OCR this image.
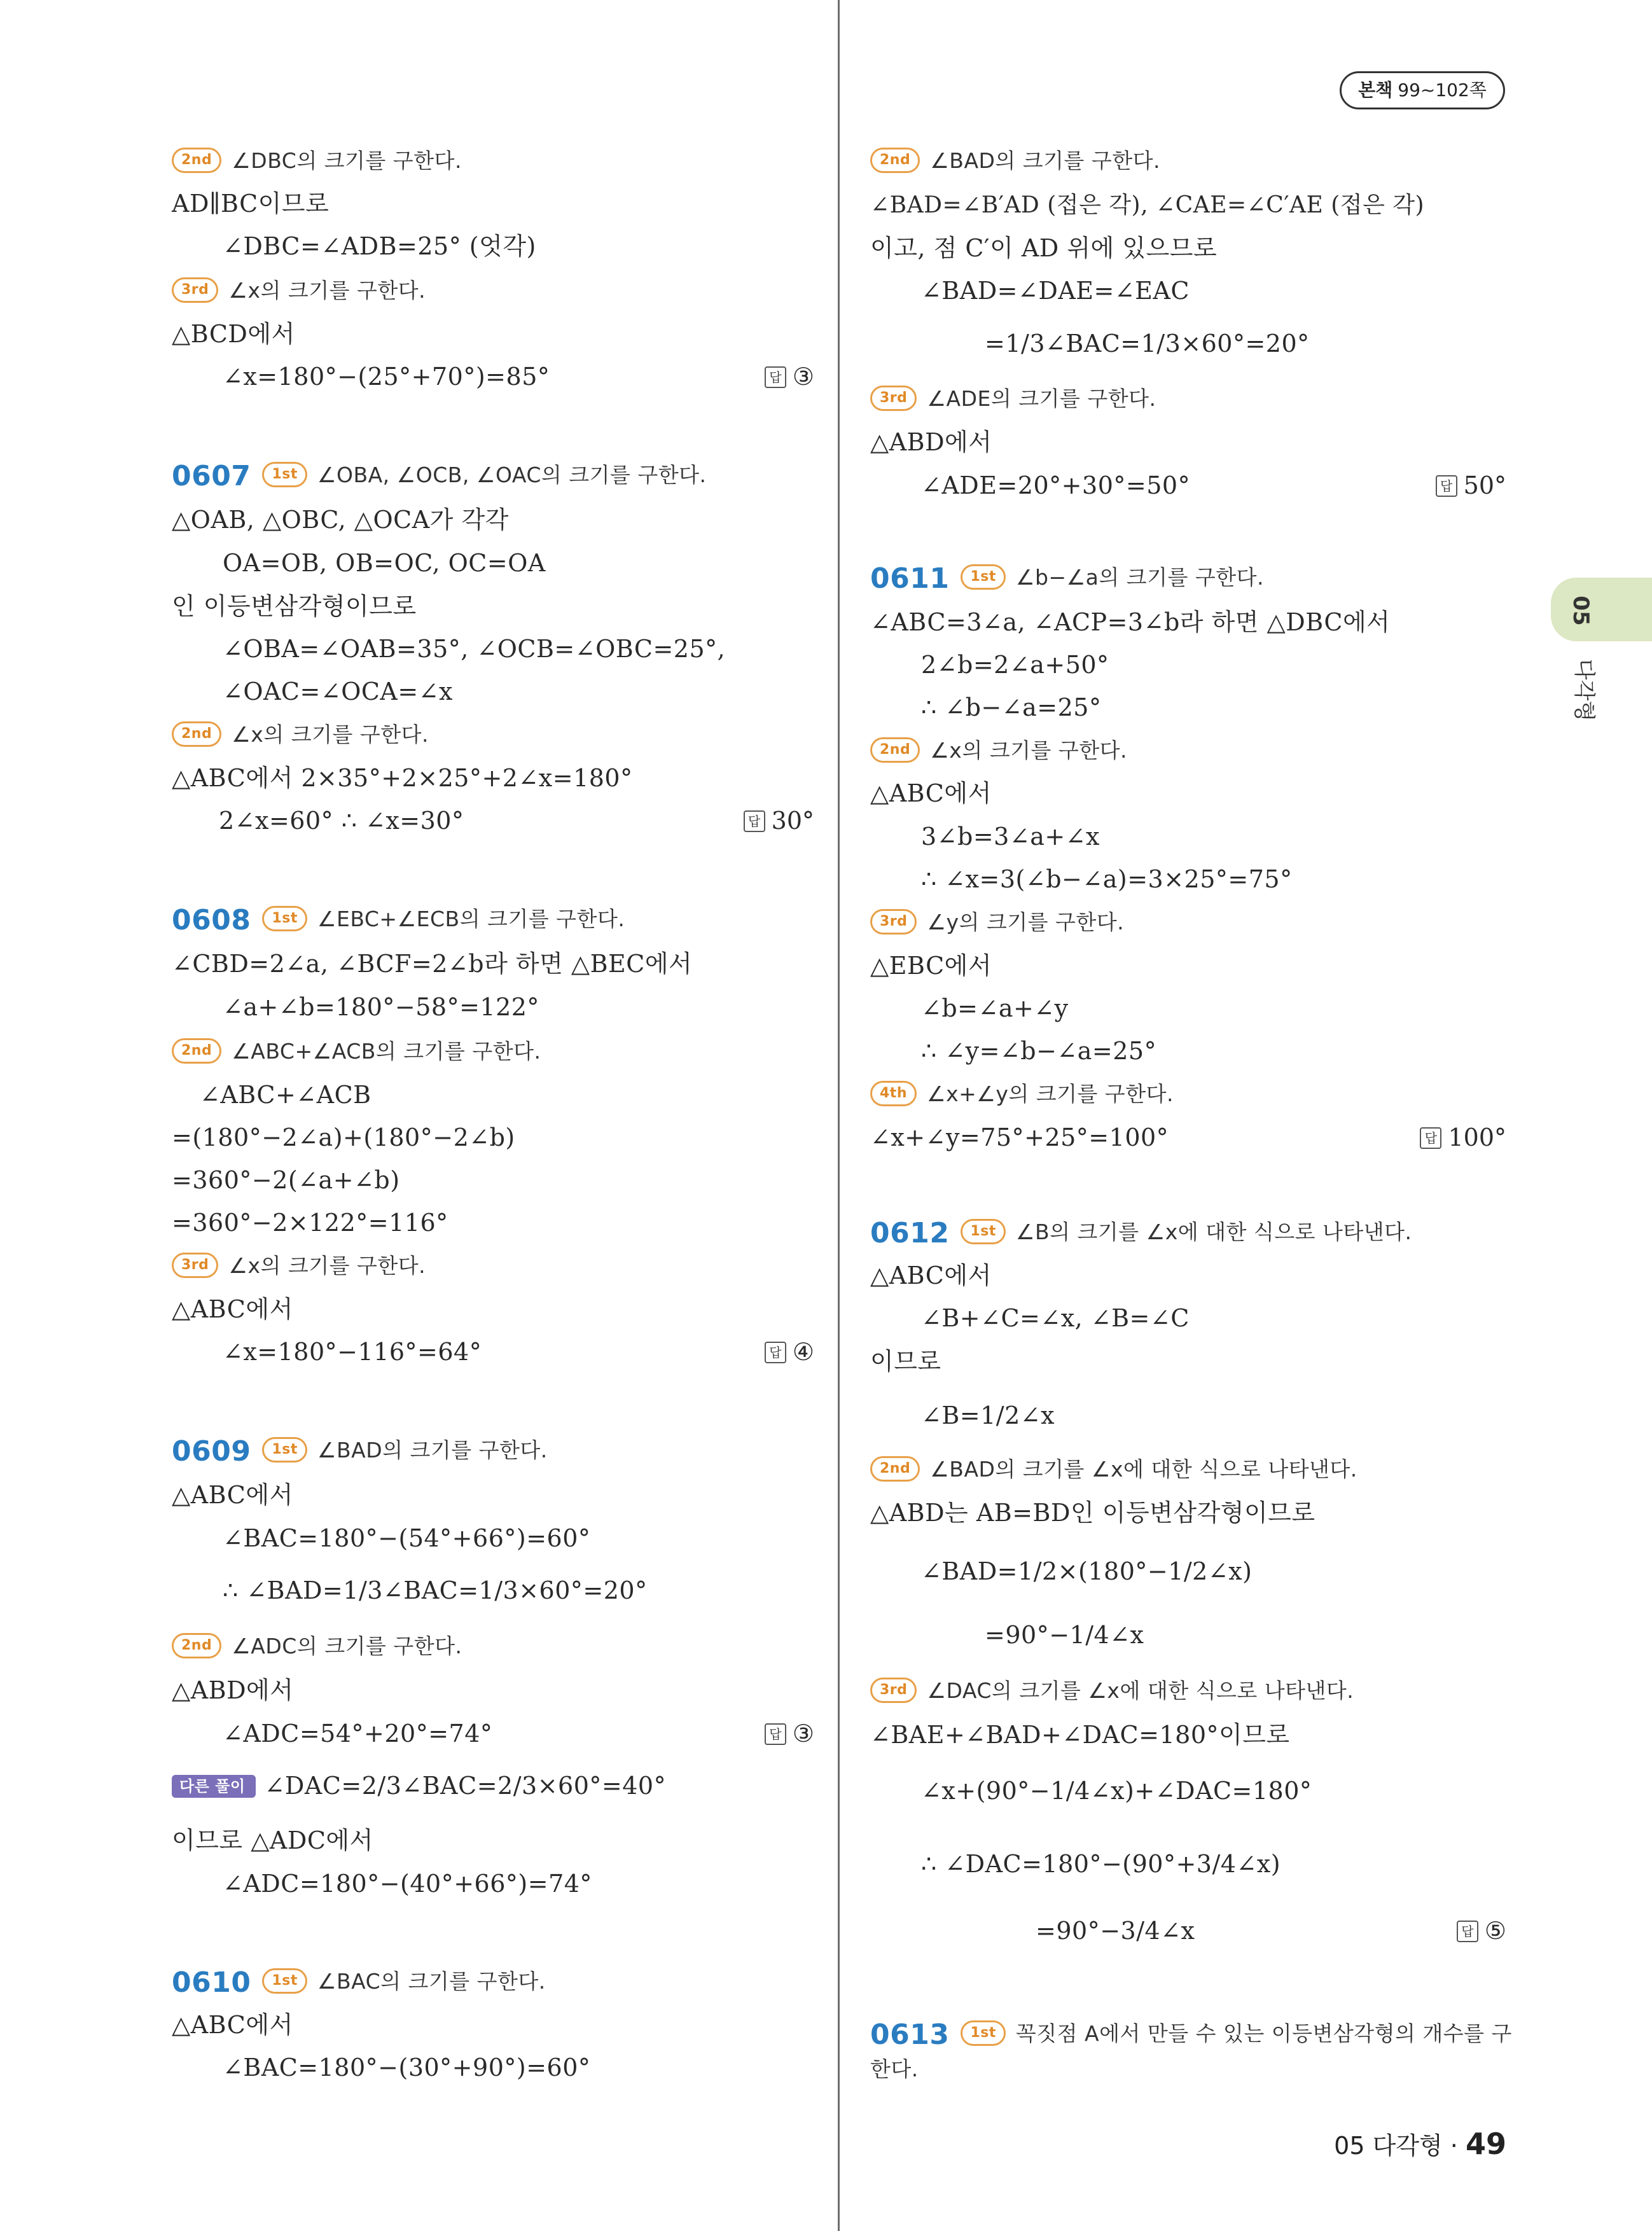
본책 99~102쪽
05
다각형
2nd ∠DBC의 크기를 구한다.
AD∥BC이므로
∠DBC=∠ADB=25° (엇각)
3rd ∠x의 크기를 구한다.
△BCD에서
∠x=180°−(25°+70°)=85°	답 ③
0607 1st ∠OBA, ∠OCB, ∠OAC의 크기를 구한다.
△OAB, △OBC, △OCA가 각각
OA=OB, OB=OC, OC=OA
인 이등변삼각형이므로
∠OBA=∠OAB=35°, ∠OCB=∠OBC=25°,
∠OAC=∠OCA=∠x
2nd ∠x의 크기를 구한다.
△ABC에서 2×35°+2×25°+2∠x=180°
2∠x=60° ∴ ∠x=30°	답 30°
0608 1st ∠EBC+∠ECB의 크기를 구한다.
∠CBD=2∠a, ∠BCF=2∠b라 하면 △BEC에서
∠a+∠b=180°−58°=122°
2nd ∠ABC+∠ACB의 크기를 구한다.
∠ABC+∠ACB
=(180°−2∠a)+(180°−2∠b)
=360°−2(∠a+∠b)
=360°−2×122°=116°
3rd ∠x의 크기를 구한다.
△ABC에서
∠x=180°−116°=64°	답 ④
0609 1st ∠BAD의 크기를 구한다.
△ABC에서
∠BAC=180°−(54°+66°)=60°
∴ ∠BAD=1/3∠BAC=1/3×60°=20°
2nd ∠ADC의 크기를 구한다.
△ABD에서
∠ADC=54°+20°=74°	답 ③
다른 풀이 ∠DAC=2/3∠BAC=2/3×60°=40°
이므로 △ADC에서
∠ADC=180°−(40°+66°)=74°
0610 1st ∠BAC의 크기를 구한다.
△ABC에서
∠BAC=180°−(30°+90°)=60°
2nd ∠BAD의 크기를 구한다.
∠BAD=∠B′AD (접은 각), ∠CAE=∠C′AE (접은 각)
이고, 점 C′이 AD 위에 있으므로
∠BAD=∠DAE=∠EAC
=1/3∠BAC=1/3×60°=20°
3rd ∠ADE의 크기를 구한다.
△ABD에서
∠ADE=20°+30°=50°	답 50°
0611 1st ∠b−∠a의 크기를 구한다.
∠ABC=3∠a, ∠ACP=3∠b라 하면 △DBC에서
2∠b=2∠a+50°
∴ ∠b−∠a=25°
2nd ∠x의 크기를 구한다.
△ABC에서
3∠b=3∠a+∠x
∴ ∠x=3(∠b−∠a)=3×25°=75°
3rd ∠y의 크기를 구한다.
△EBC에서
∠b=∠a+∠y
∴ ∠y=∠b−∠a=25°
4th ∠x+∠y의 크기를 구한다.
∠x+∠y=75°+25°=100°	답 100°
0612 1st ∠B의 크기를 ∠x에 대한 식으로 나타낸다.
△ABC에서
∠B+∠C=∠x, ∠B=∠C
이므로
∠B=1/2∠x
2nd ∠BAD의 크기를 ∠x에 대한 식으로 나타낸다.
△ABD는 AB=BD인 이등변삼각형이므로
∠BAD=1/2×(180°−1/2∠x)
=90°−1/4∠x
3rd ∠DAC의 크기를 ∠x에 대한 식으로 나타낸다.
∠BAE+∠BAD+∠DAC=180°이므로
∠x+(90°−1/4∠x)+∠DAC=180°
∴ ∠DAC=180°−(90°+3/4∠x)
=90°−3/4∠x	답 ⑤
0613 1st 꼭짓점 A에서 만들 수 있는 이등변삼각형의 개수를 구
한다.
05 다각형 · 49
